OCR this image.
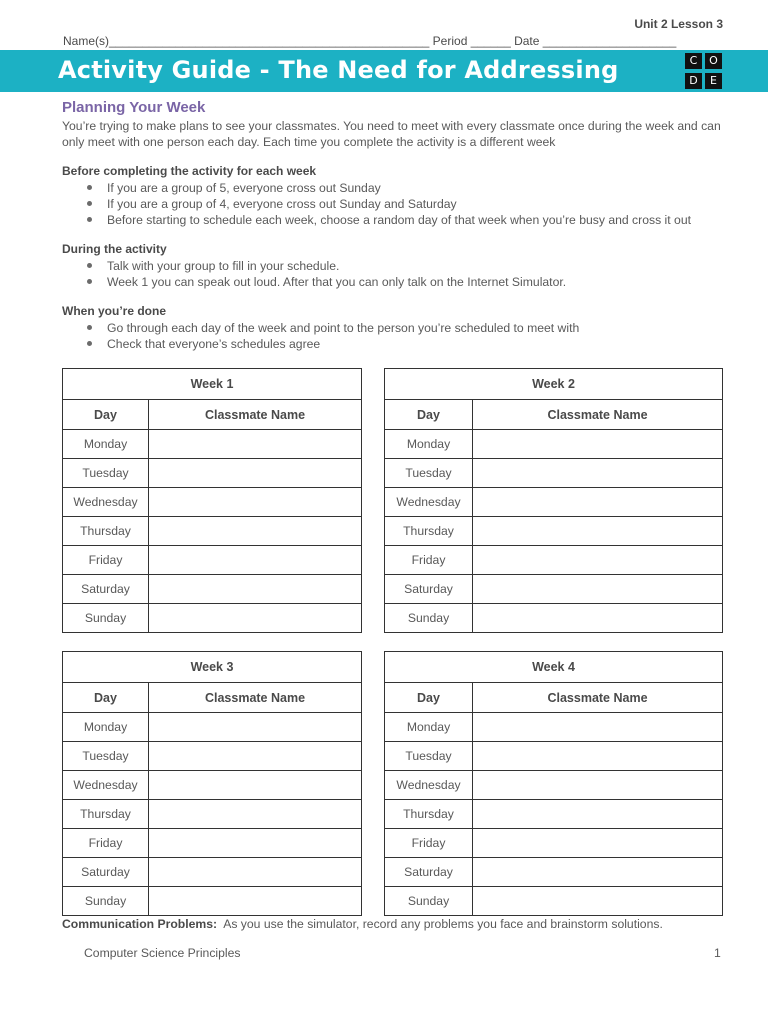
Unit 2 Lesson 3
Name(s)________________________________________________ Period ______ Date ____________________
Activity Guide - The Need for Addressing	C	O
D	E
Planning Your Week
You’re trying to make plans to see your classmates. You need to meet with every classmate once during the week and can only meet with one person each day. Each time you complete the activity is a different week
Before completing the activity for each week
If you are a group of 5, everyone cross out Sunday
If you are a group of 4, everyone cross out Sunday and Saturday
Before starting to schedule each week, choose a random day of that week when you’re busy and cross it out
During the activity
Talk with your group to fill in your schedule.
Week 1 you can speak out loud. After that you can only talk on the Internet Simulator.
When you’re done
Go through each day of the week and point to the person you’re scheduled to meet with
Check that everyone’s schedules agree
Week 1	
Day	Classmate Name
Monday	
Tuesday	
Wednesday	
Thursday	
Friday	
Saturday	
Sunday	
Week 2	
Day	Classmate Name
Monday	
Tuesday	
Wednesday	
Thursday	
Friday	
Saturday	
Sunday	
Week 3	
Day	Classmate Name
Monday	
Tuesday	
Wednesday	
Thursday	
Friday	
Saturday	
Sunday	
Week 4	
Day	Classmate Name
Monday	
Tuesday	
Wednesday	
Thursday	
Friday	
Saturday	
Sunday	
Communication Problems: As you use the simulator, record any problems you face and brainstorm solutions.
Computer Science Principles	1
